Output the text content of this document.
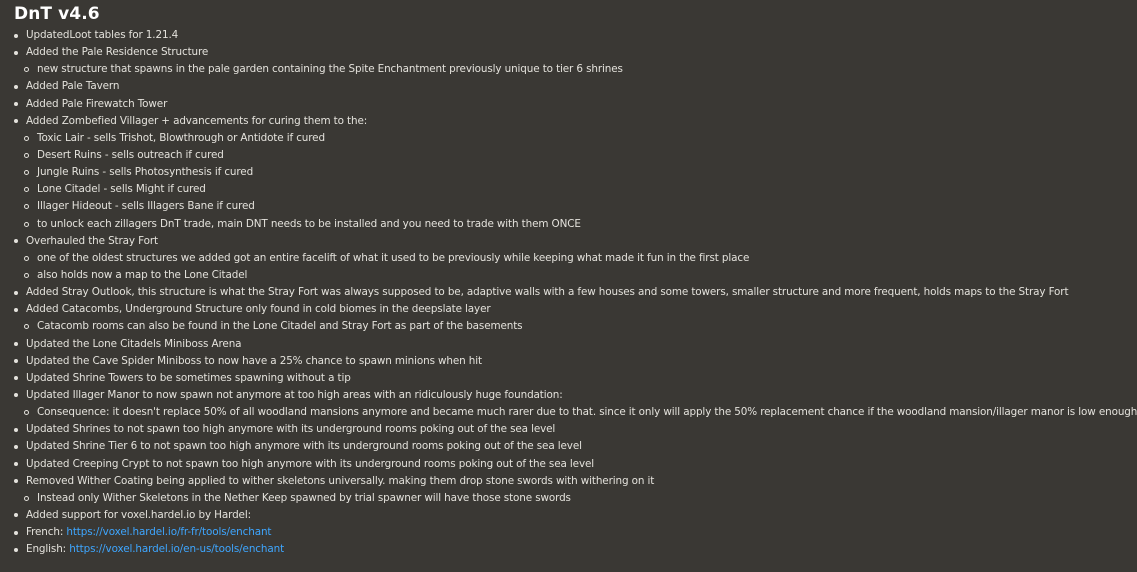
DnT v4.6
UpdatedLoot tables for 1.21.4
Added the Pale Residence Structure
new structure that spawns in the pale garden containing the Spite Enchantment previously unique to tier 6 shrines
Added Pale Tavern
Added Pale Firewatch Tower
Added Zombefied Villager + advancements for curing them to the:
Toxic Lair - sells Trishot, Blowthrough or Antidote if cured
Desert Ruins - sells outreach if cured
Jungle Ruins - sells Photosynthesis if cured
Lone Citadel - sells Might if cured
Illager Hideout - sells Illagers Bane if cured
to unlock each zillagers DnT trade, main DNT needs to be installed and you need to trade with them ONCE
Overhauled the Stray Fort
one of the oldest structures we added got an entire facelift of what it used to be previously while keeping what made it fun in the first place
also holds now a map to the Lone Citadel
Added Stray Outlook, this structure is what the Stray Fort was always supposed to be, adaptive walls with a few houses and some towers, smaller structure and more frequent, holds maps to the Stray Fort
Added Catacombs, Underground Structure only found in cold biomes in the deepslate layer
Catacomb rooms can also be found in the Lone Citadel and Stray Fort as part of the basements
Updated the Lone Citadels Miniboss Arena
Updated the Cave Spider Miniboss to now have a 25% chance to spawn minions when hit
Updated Shrine Towers to be sometimes spawning without a tip
Updated Illager Manor to now spawn not anymore at too high areas with an ridiculously huge foundation:
Consequence: it doesn't replace 50% of all woodland mansions anymore and became much rarer due to that. since it only will apply the 50% replacement chance if the woodland mansion/illager manor is low enough
Updated Shrines to not spawn too high anymore with its underground rooms poking out of the sea level
Updated Shrine Tier 6 to not spawn too high anymore with its underground rooms poking out of the sea level
Updated Creeping Crypt to not spawn too high anymore with its underground rooms poking out of the sea level
Removed Wither Coating being applied to wither skeletons universally. making them drop stone swords with withering on it
Instead only Wither Skeletons in the Nether Keep spawned by trial spawner will have those stone swords
Added support for voxel.hardel.io by Hardel:
French: https://voxel.hardel.io/fr-fr/tools/enchant
English: https://voxel.hardel.io/en-us/tools/enchant
